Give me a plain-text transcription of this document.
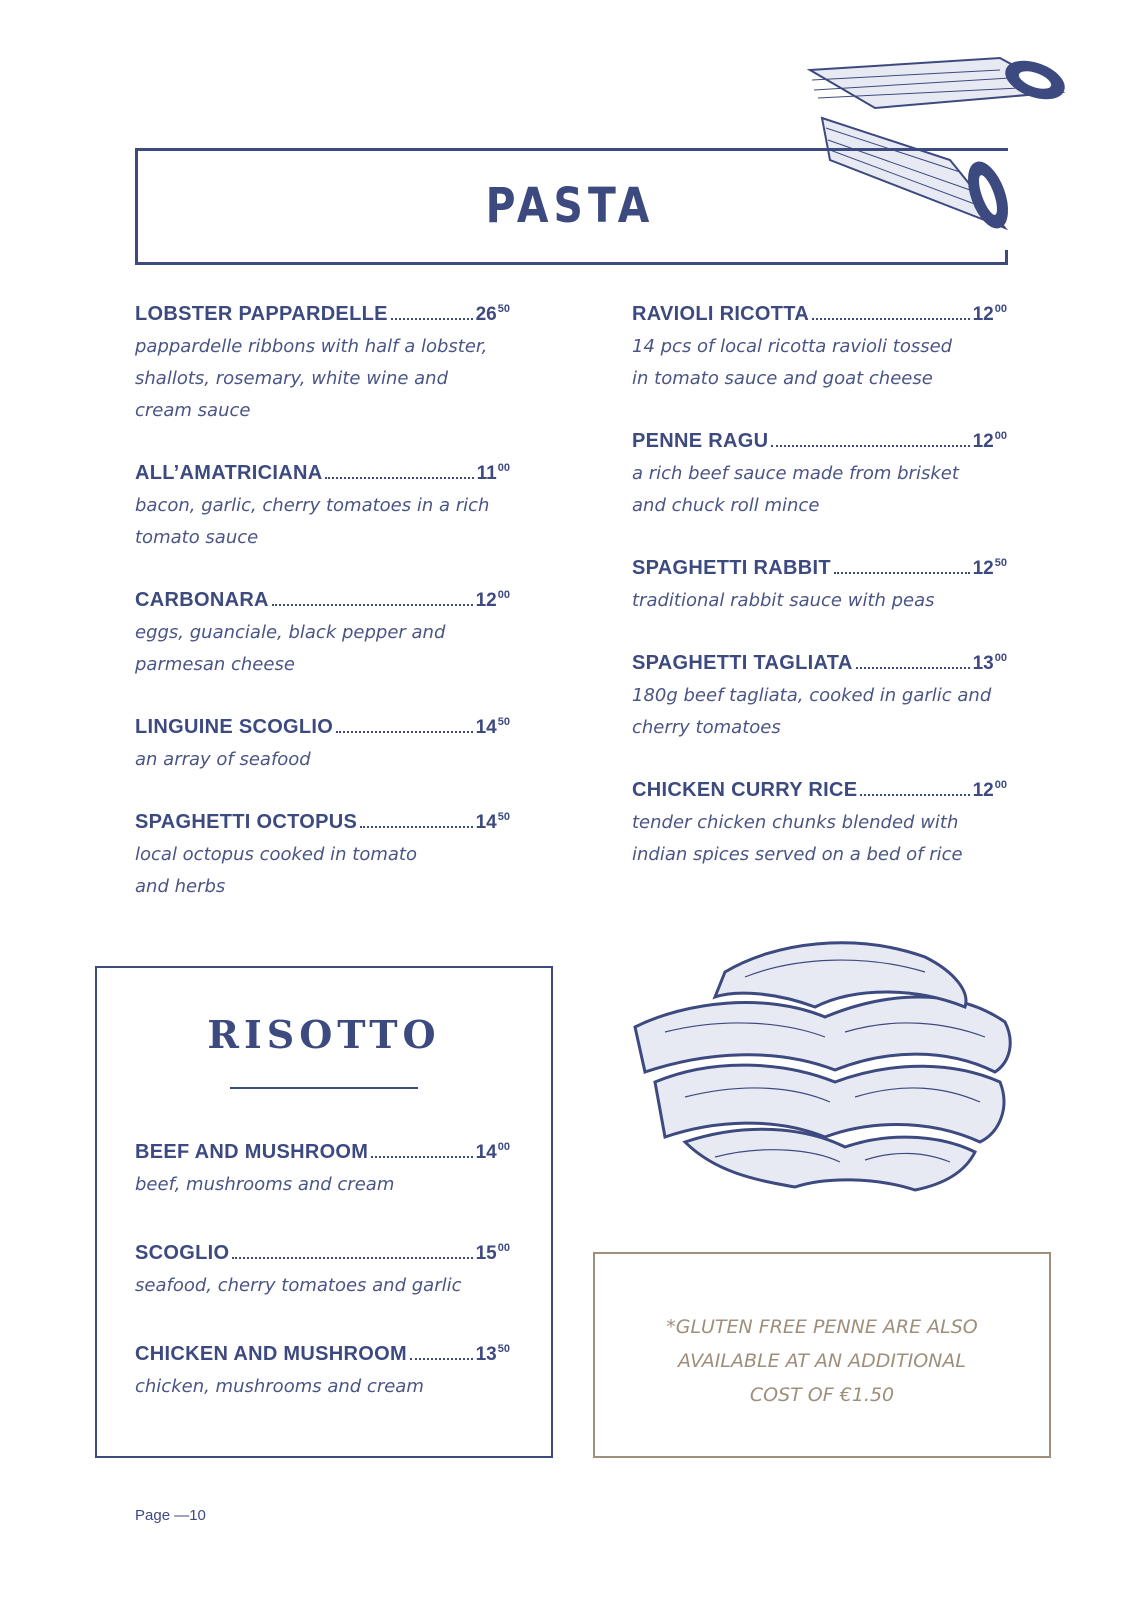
PASTA
LOBSTER PAPPARDELLE	$26^{50}$
pappardelle ribbons with half a lobster,
shallots, rosemary, white wine and
cream sauce
ALL’AMATRICIANA	$11^{00}$
bacon, garlic, cherry tomatoes in a rich
tomato sauce
CARBONARA	$12^{00}$
eggs, guanciale, black pepper and
parmesan cheese
LINGUINE SCOGLIO	$14^{50}$
an array of seafood
SPAGHETTI OCTOPUS	$14^{50}$
local octopus cooked in tomato
and herbs
RAVIOLI RICOTTA	$12^{00}$
14 pcs of local ricotta ravioli tossed
in tomato sauce and goat cheese
PENNE RAGU	$12^{00}$
a rich beef sauce made from brisket
and chuck roll mince
SPAGHETTI RABBIT	$12^{50}$
traditional rabbit sauce with peas
SPAGHETTI TAGLIATA	$13^{00}$
180g beef tagliata, cooked in garlic and
cherry tomatoes
CHICKEN CURRY RICE	$12^{00}$
tender chicken chunks blended with
indian spices served on a bed of rice
RISOTTO
BEEF AND MUSHROOM	$14^{00}$
beef, mushrooms and cream
SCOGLIO	$15^{00}$
seafood, cherry tomatoes and garlic
CHICKEN AND MUSHROOM	$13^{50}$
chicken, mushrooms and cream
*GLUTEN FREE PENNE ARE ALSO
AVAILABLE AT AN ADDITIONAL
COST OF €1.50
Page —10
